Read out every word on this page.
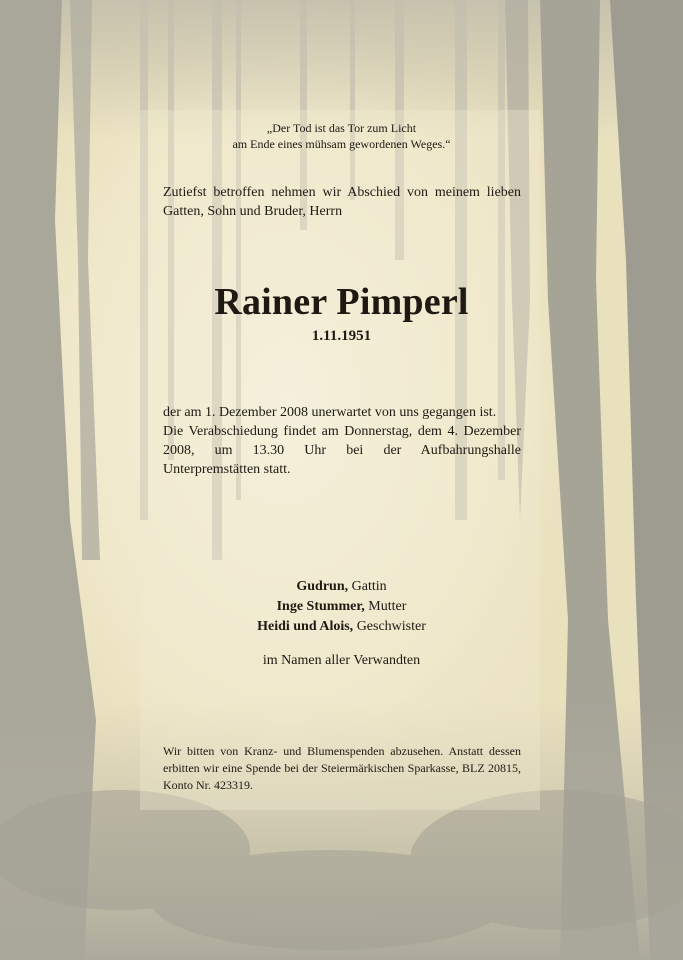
„Der Tod ist das Tor zum Licht
am Ende eines mühsam gewordenen Weges.“
Zutiefst betroffen nehmen wir Abschied von meinem lieben Gatten, Sohn und Bruder, Herrn
Rainer Pimperl
1.11.1951

der am 1. Dezember 2008 unerwartet von uns gegangen ist.

Die Verabschiedung findet am Donnerstag, dem 4. Dezember 2008, um 13.30 Uhr bei der Aufbahrungshalle Unterpremstätten statt.

Gudrun, Gattin
Inge Stummer, Mutter
Heidi und Alois, Geschwister
im Namen aller Verwandten
Wir bitten von Kranz- und Blumenspenden abzusehen. Anstatt dessen erbitten wir eine Spende bei der Steiermärkischen Sparkasse, BLZ 20815, Konto Nr. 423319.
